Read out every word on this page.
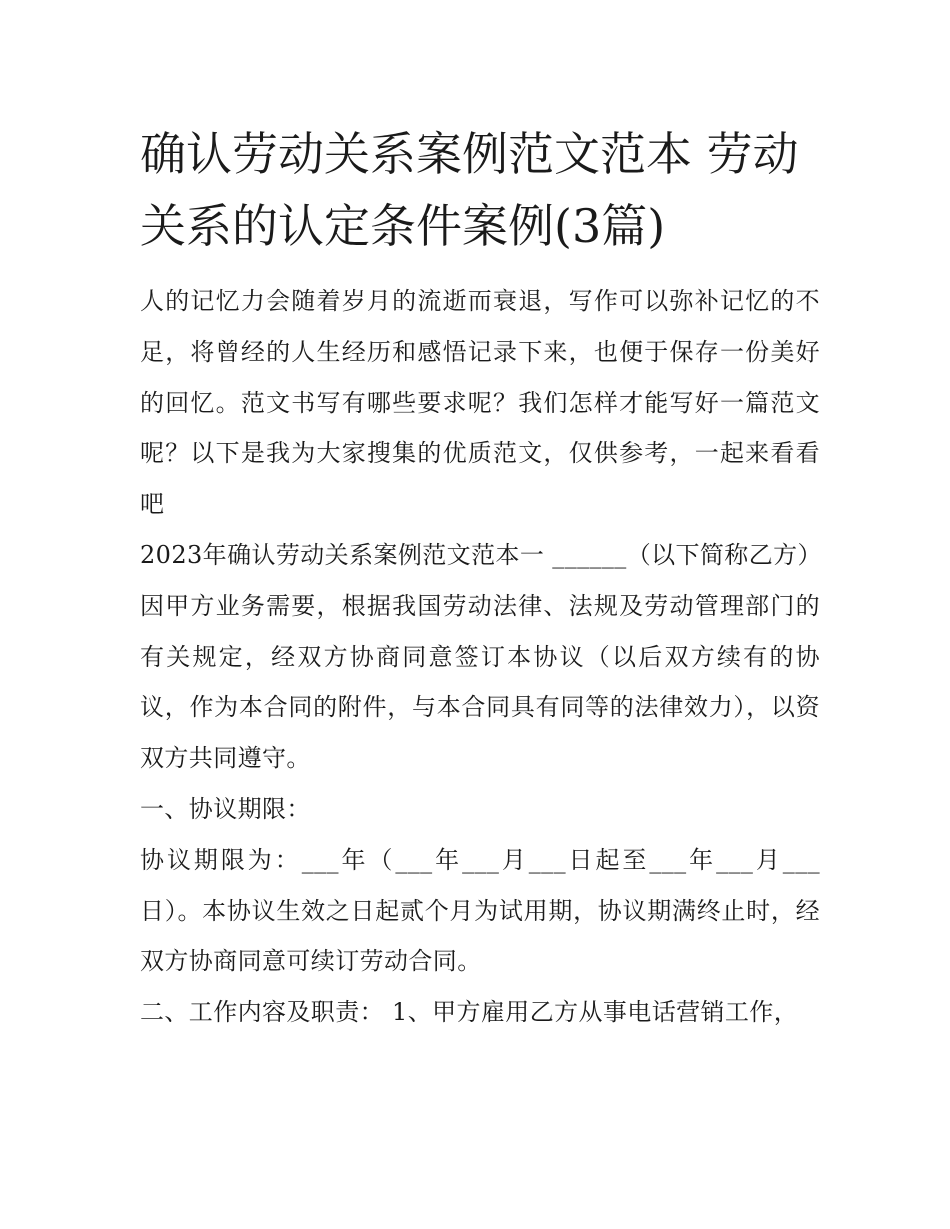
确认劳动关系案例范文范本 劳动关系的认定条件案例(3篇)

人的记忆力会随着岁月的流逝而衰退，写作可以弥补记忆的不足，将曾经的人生经历和感悟记录下来，也便于保存一份美好的回忆。范文书写有哪些要求呢？我们怎样才能写好一篇范文呢？以下是我为大家搜集的优质范文，仅供参考，一起来看看吧

2023年确认劳动关系案例范文范本一 ______（以下简称乙方）

因甲方业务需要，根据我国劳动法律、法规及劳动管理部门的有关规定，经双方协商同意签订本协议（以后双方续有的协议，作为本合同的附件，与本合同具有同等的法律效力），以资双方共同遵守。

一、协议期限：

协议期限为：___年（___年___月___日起至___年___月___日）。本协议生效之日起贰个月为试用期，协议期满终止时，经双方协商同意可续订劳动合同。

二、工作内容及职责： 1、甲方雇用乙方从事电话营销工作，
